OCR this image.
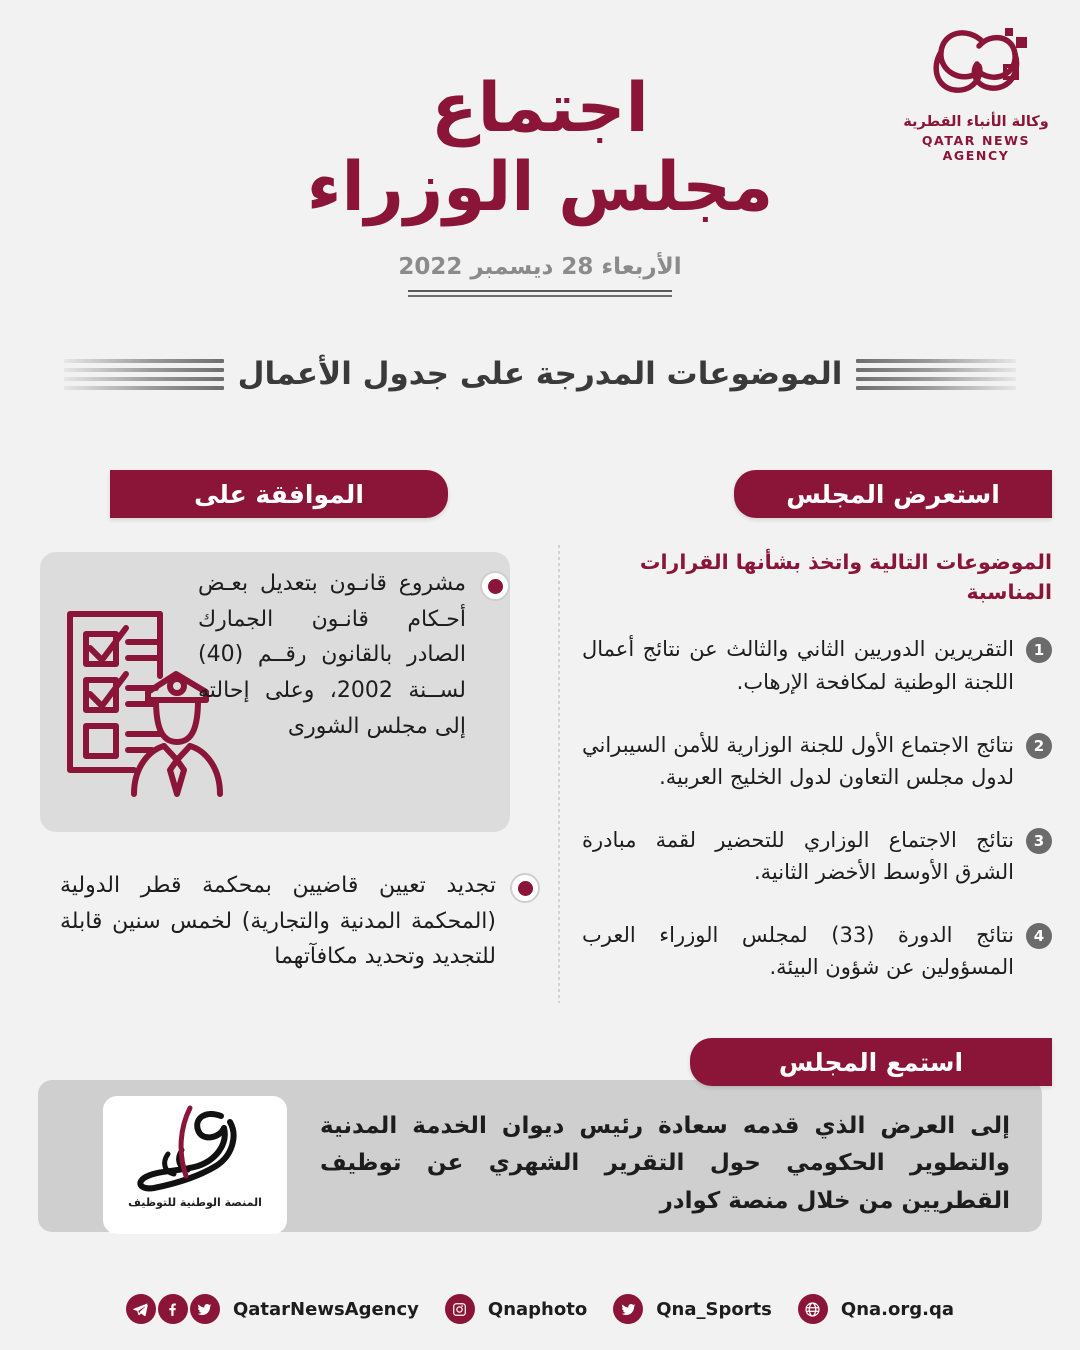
وكالة الأنباء القطرية
QATAR NEWS AGENCY
اجتماع
مجلس الوزراء
الأربعاء 28 ديسمبر 2022
الموضوعات المدرجة على جدول الأعمال
استعرض المجلس
الموافقة على
الموضوعات التالية واتخذ بشأنها القرارات المناسبة
1
التقريرين الدوريين الثاني والثالث عن نتائج أعمال اللجنة الوطنية لمكافحة الإرهاب.
2
نتائج الاجتماع الأول للجنة الوزارية للأمن السيبراني لدول مجلس التعاون لدول الخليج العربية.
3
نتائج الاجتماع الوزاري للتحضير لقمة مبادرة الشرق الأوسط الأخضر الثانية.
4
نتائج الدورة (33) لمجلس الوزراء العرب المسؤولين عن شؤون البيئة.
مشروع قانـون بتعديل بعـض أحـكام قانـون الجمارك الصادر بالقانون رقــم (40) لســنة 2002، وعلى إحالته إلى مجلس الشورى
تجديد تعيين قاضيين بمحكمة قطر الدولية (المحكمة المدنية والتجارية) لخمس سنين قابلة للتجديد وتحديد مكافآتهما
استمع المجلس
المنصة الوطنية للتوظيف
إلى العرض الذي قدمه سعادة رئيس ديوان الخدمة المدنية والتطوير الحكومي حول التقرير الشهري عن توظيف القطريين من خلال منصة كوادر
QatarNewsAgency	Qnaphoto	Qna_Sports	Qna.org.qa
